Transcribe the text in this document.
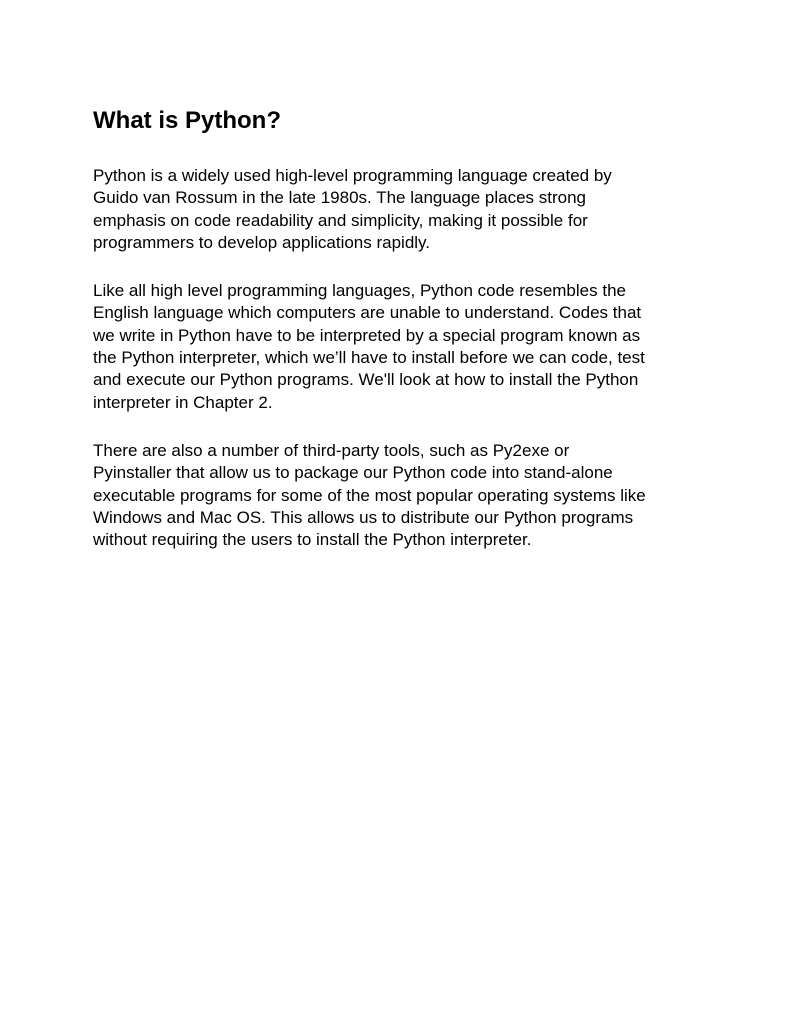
What is Python?

Python is a widely used high-level programming language created by
Guido van Rossum in the late 1980s. The language places strong
emphasis on code readability and simplicity, making it possible for
programmers to develop applications rapidly.

Like all high level programming languages, Python code resembles the
English language which computers are unable to understand. Codes that
we write in Python have to be interpreted by a special program known as
the Python interpreter, which we’ll have to install before we can code, test
and execute our Python programs. We'll look at how to install the Python
interpreter in Chapter 2.

There are also a number of third-party tools, such as Py2exe or
Pyinstaller that allow us to package our Python code into stand-alone
executable programs for some of the most popular operating systems like
Windows and Mac OS. This allows us to distribute our Python programs
without requiring the users to install the Python interpreter.
